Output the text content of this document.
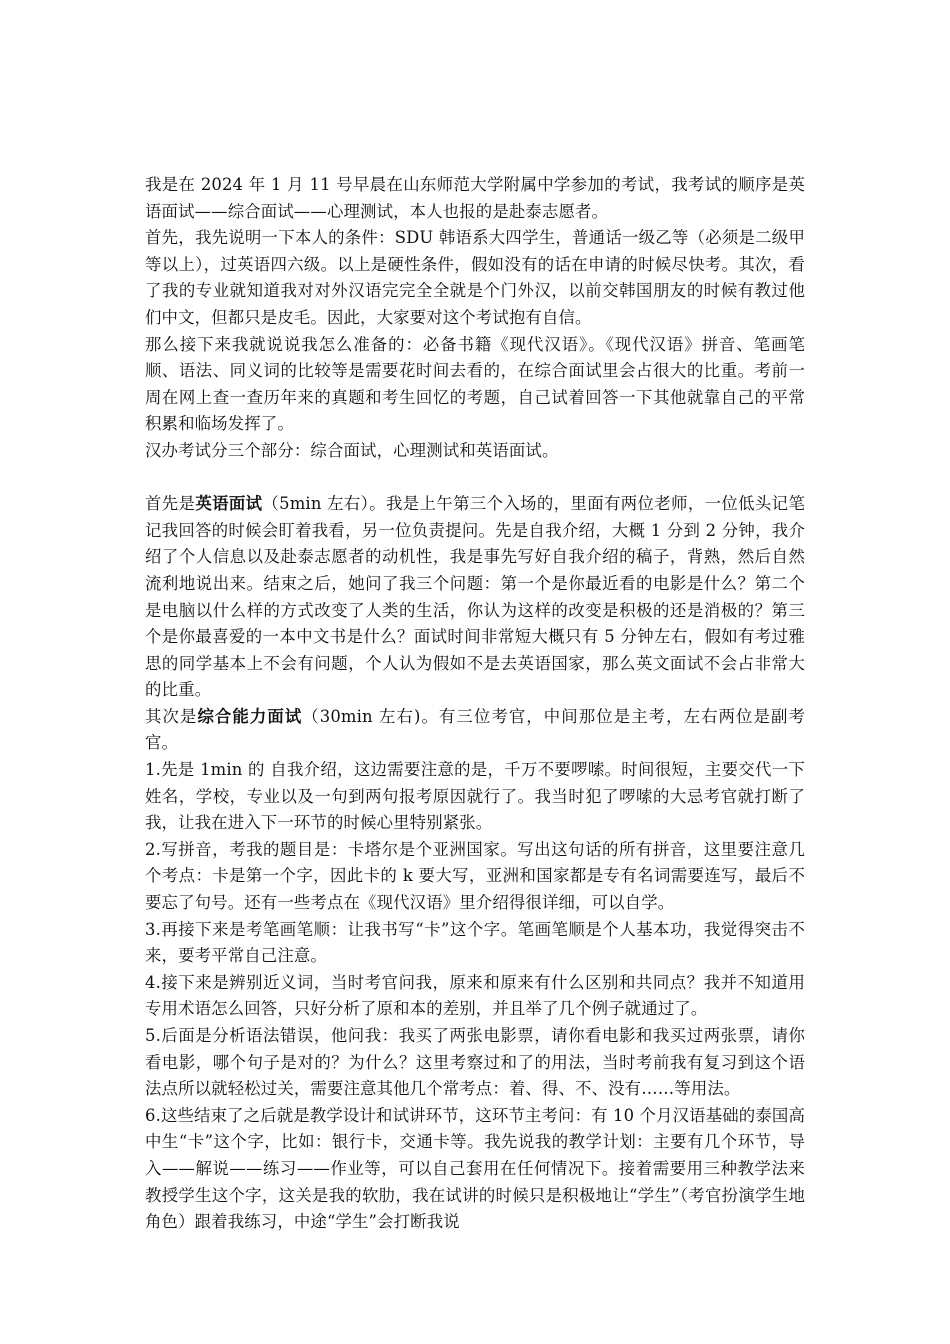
我是在 2024 年 1 月 11 号早晨在山东师范大学附属中学参加的考试，我考试的顺序是英语面试——综合面试——心理测试，本人也报的是赴泰志愿者。

首先，我先说明一下本人的条件：SDU 韩语系大四学生，普通话一级乙等（必须是二级甲等以上），过英语四六级。以上是硬性条件，假如没有的话在申请的时候尽快考。其次，看了我的专业就知道我对对外汉语完完全全就是个门外汉，以前交韩国朋友的时候有教过他们中文，但都只是皮毛。因此，大家要对这个考试抱有自信。

那么接下来我就说说我怎么准备的：必备书籍《现代汉语》。《现代汉语》拼音、笔画笔顺、语法、同义词的比较等是需要花时间去看的，在综合面试里会占很大的比重。考前一周在网上查一查历年来的真题和考生回忆的考题，自己试着回答一下其他就靠自己的平常积累和临场发挥了。

汉办考试分三个部分：综合面试，心理测试和英语面试。

首先是英语面试（5min 左右）。我是上午第三个入场的，里面有两位老师，一位低头记笔记我回答的时候会盯着我看，另一位负责提问。先是自我介绍，大概 1 分到 2 分钟，我介绍了个人信息以及赴泰志愿者的动机性，我是事先写好自我介绍的稿子，背熟，然后自然流利地说出来。结束之后，她问了我三个问题：第一个是你最近看的电影是什么？第二个是电脑以什么样的方式改变了人类的生活，你认为这样的改变是积极的还是消极的？第三个是你最喜爱的一本中文书是什么？面试时间非常短大概只有 5 分钟左右，假如有考过雅思的同学基本上不会有问题，个人认为假如不是去英语国家，那么英文面试不会占非常大的比重。

其次是综合能力面试（30min 左右)。有三位考官，中间那位是主考，左右两位是副考官。

1.先是 1min 的 自我介绍，这边需要注意的是，千万不要啰嗦。时间很短，主要交代一下姓名，学校，专业以及一句到两句报考原因就行了。我当时犯了啰嗦的大忌考官就打断了我，让我在进入下一环节的时候心里特别紧张。

2.写拼音，考我的题目是：卡塔尔是个亚洲国家。写出这句话的所有拼音，这里要注意几个考点：卡是第一个字，因此卡的 k 要大写，亚洲和国家都是专有名词需要连写，最后不要忘了句号。还有一些考点在《现代汉语》里介绍得很详细，可以自学。

3.再接下来是考笔画笔顺：让我书写“卡”这个字。笔画笔顺是个人基本功，我觉得突击不来，要考平常自己注意。

4.接下来是辨别近义词，当时考官问我，原来和原来有什么区别和共同点？我并不知道用专用术语怎么回答，只好分析了原和本的差别，并且举了几个例子就通过了。

5.后面是分析语法错误，他问我：我买了两张电影票，请你看电影和我买过两张票，请你看电影，哪个句子是对的？为什么？这里考察过和了的用法，当时考前我有复习到这个语法点所以就轻松过关，需要注意其他几个常考点：着、得、不、没有……等用法。

6.这些结束了之后就是教学设计和试讲环节，这环节主考问：有 10 个月汉语基础的泰国高中生“卡”这个字，比如：银行卡，交通卡等。我先说我的教学计划：主要有几个环节，导入——解说——练习——作业等，可以自己套用在任何情况下。接着需要用三种教学法来教授学生这个字，这关是我的软肋，我在试讲的时候只是积极地让“学生”（考官扮演学生地角色）跟着我练习，中途“学生”会打断我说
